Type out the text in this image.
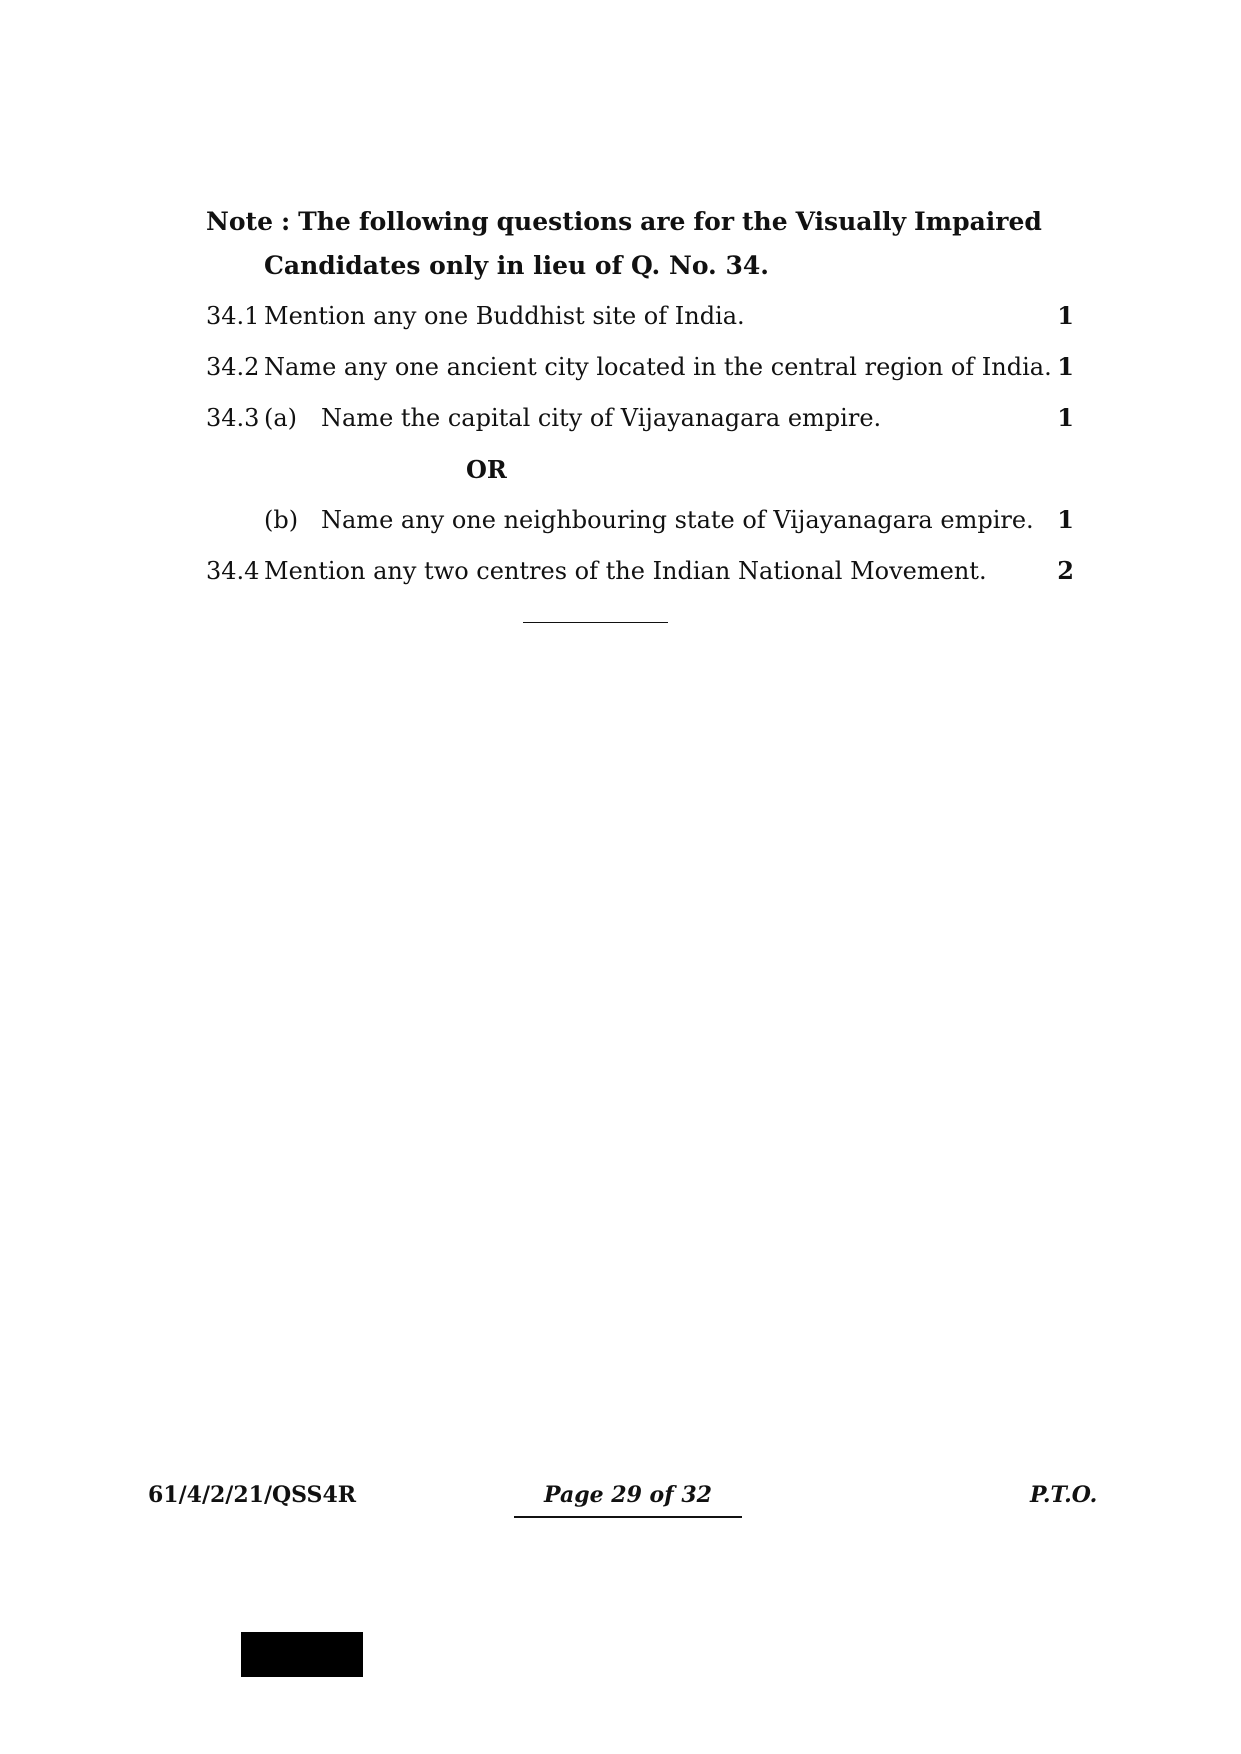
Note : The following questions are for the Visually Impaired
Candidates only in lieu of Q. No. 34.
34.1 Mention any one Buddhist site of India.	1
34.2 Name any one ancient city located in the central region of India. 1
34.3 (a) Name the capital city of Vijayanagara empire.	1
OR
(b) Name any one neighbouring state of Vijayanagara empire. 1
34.4 Mention any two centres of the Indian National Movement.	2
61/4/2/21/QSS4R	Page 29 of 32	P.T.O.
